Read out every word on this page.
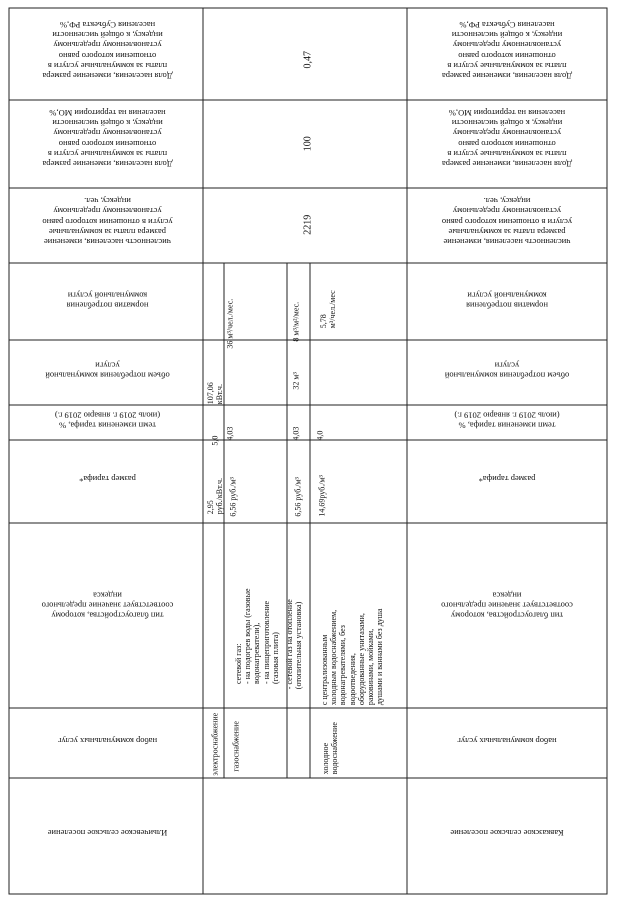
Доля населения, изменение размера
платы за коммунальные услуги в
отношении которого равно
установленному предельному
индексу, к общей численности
населения Субъекта РФ,%
Доля населения, изменение размера
платы за коммунальные услуги в
отношении которого равно
установленному предельному
индексу, к общей численности
населения на территории МО,%
численность населения, изменение
размера платы за коммунальные
услуги в отношении которого равно
установленному предельному
индексу, чел.
норматив потребления
коммунальной услуги
объем потребления коммунальной
услуги
темп изменения тарифа, %
(июль 2019 г. январю 2019 г.)
размер тарифа*
тип благоустройства, которому
соответствует значение предельного
индекса
набор коммунальных услуг
Ильичевское сельское поселение
Доля населения, изменение размера
платы за коммунальные услуги в
отношении которого равно
установленному предельному
индексу, к общей численности
населения Субъекта РФ,%
Доля населения, изменение размера
платы за коммунальные услуги в
отношении которого равно
установленному предельному
индексу, к общей численности
населения на территории МО,%
численность населения, изменение
размера платы за коммунальные
услуги в отношении которого равно
установленному предельному
индексу, чел.
норматив потребления
коммунальной услуги
объем потребления коммунальной
услуги
темп изменения тарифа, %
(июль 2019 г. январю 2019 г.)
размер тарифа*
тип благоустройства, которому
соответствует значение предельного
индекса
набор коммунальных услуг
Кавказское сельское поселение
0,47
100
2219
электроснабжение
2,95
руб./кВт.ч.
5,0
107,06
кВт.ч.
газоснабжение
сетевой газ:
- на подогрев воды (газовые
водонагреватели),
- на пищеприготовление
(газовая плита)
6,56 руб./м³
4,03
36 м³/чел./мес.
- сетевой газ на отопление
(отопительная установка)
6,56 руб./м³
4,03
32 м³
8 м³/м²/мес.
холодное
водоснабжение
с централизованным
холодным водоснабжением,
водонагревателями, без
водоотведения,
оборудованные унитазами,
раковинами, мойками,
душами и ваннами без душа
14,69руб./м³
4,0
5,78
м³/чел./мес
